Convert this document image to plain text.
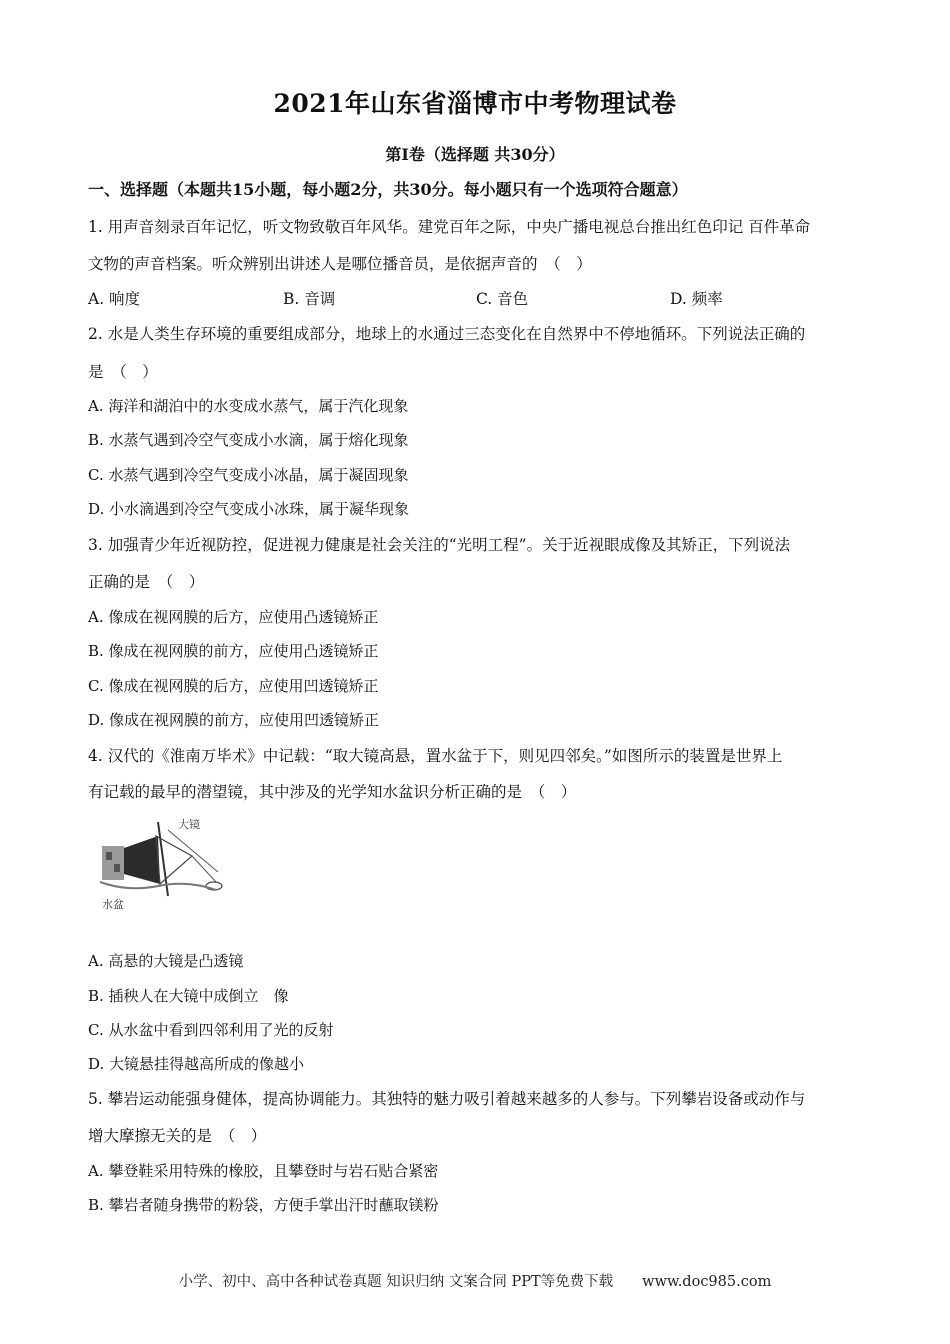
2021年山东省淄博市中考物理试卷
第I卷（选择题 共30分）
一、选择题（本题共15小题，每小题2分，共30分。每小题只有一个选项符合题意）
1. 用声音刻录百年记忆，听文物致敬百年风华。建党百年之际，中央广播电视总台推出红色印记 百件革命
文物的声音档案。听众辨别出讲述人是哪位播音员，是依据声音的　（　）
A. 响度	B. 音调	C. 音色	D. 频率
2. 水是人类生存环境的重要组成部分，地球上的水通过三态变化在自然界中不停地循环。下列说法正确的
是　（　）
A. 海洋和湖泊中的水变成水蒸气，属于汽化现象
B. 水蒸气遇到冷空气变成小水滴，属于熔化现象
C. 水蒸气遇到冷空气变成小冰晶，属于凝固现象
D. 小水滴遇到冷空气变成小冰珠，属于凝华现象
3. 加强青少年近视防控，促进视力健康是社会关注的“光明工程”。关于近视眼成像及其矫正，下列说法
正确的是　（　）
A. 像成在视网膜的后方，应使用凸透镜矫正
B. 像成在视网膜的前方，应使用凸透镜矫正
C. 像成在视网膜的后方，应使用凹透镜矫正
D. 像成在视网膜的前方，应使用凹透镜矫正
4. 汉代的《淮南万毕术》中记载：“取大镜高悬，置水盆于下，则见四邻矣。”如图所示的装置是世界上
有记载的最早的潜望镜，其中涉及的光学知水盆识分析正确的是　（　）
大镜
水盆
A. 高悬的大镜是凸透镜
B. 插秧人在大镜中成倒立　像
C. 从水盆中看到四邻利用了光的反射
D. 大镜悬挂得越高所成的像越小
5. 攀岩运动能强身健体，提高协调能力。其独特的魅力吸引着越来越多的人参与。下列攀岩设备或动作与
增大摩擦无关的是　（　）
A. 攀登鞋采用特殊的橡胶，且攀登时与岩石贴合紧密
B. 攀岩者随身携带的粉袋，方便手掌出汗时蘸取镁粉
小学、初中、高中各种试卷真题 知识归纳 文案合同 PPT等免费下载　　www.doc985.com
